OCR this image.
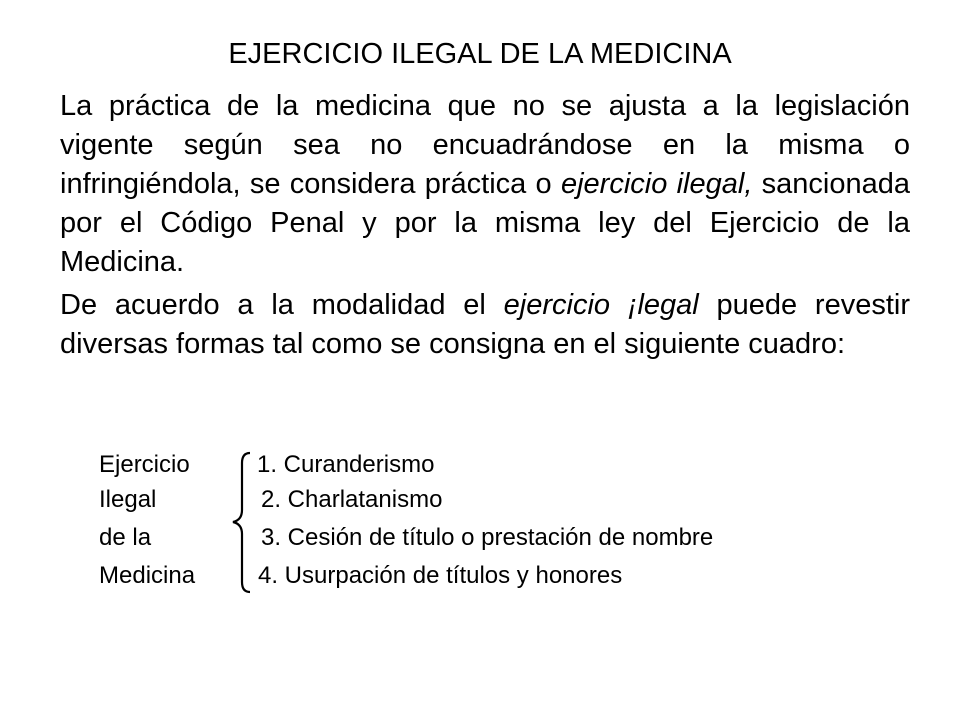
EJERCICIO ILEGAL DE LA MEDICINA

La práctica de la medicina que no se ajusta a la legislación vigente según sea no encuadrándose en la misma o infringiéndola, se considera práctica o ejercicio ilegal, sancionada por el Código Penal y por la misma ley del Ejercicio de la Medicina.

De acuerdo a la modalidad el ejercicio ¡legal puede revestir diversas formas tal como se consigna en el siguiente cuadro:

Ejercicio
Ilegal
de la
Medicina
1. Curanderismo
2. Charlatanismo
3. Cesión de título o prestación de nombre
4. Usurpación de títulos y honores
